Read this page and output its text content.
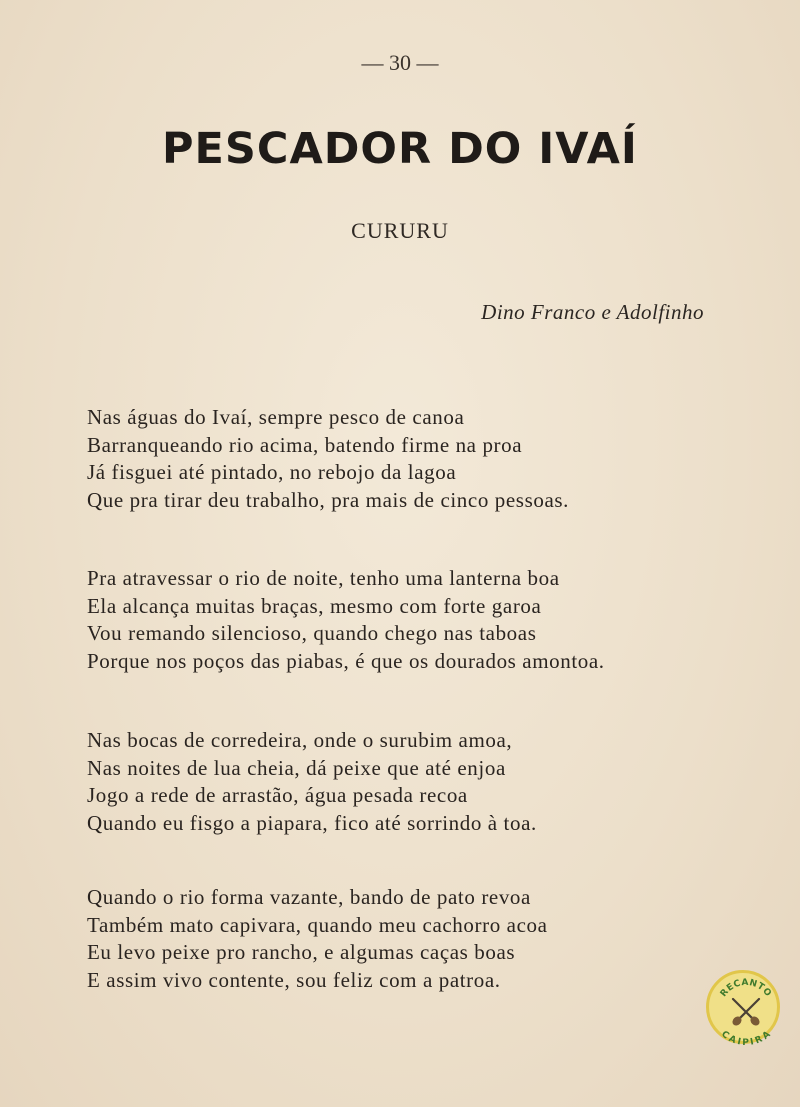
— 30 —
PESCADOR DO IVAÍ
CURURU
Dino Franco e Adolfinho
Nas águas do Ivaí, sempre pesco de canoa
Barranqueando rio acima, batendo firme na proa
Já fisguei até pintado, no rebojo da lagoa
Que pra tirar deu trabalho, pra mais de cinco pessoas.
Pra atravessar o rio de noite, tenho uma lanterna boa
Ela alcança muitas braças, mesmo com forte garoa
Vou remando silencioso, quando chego nas taboas
Porque nos poços das piabas, é que os dourados amontoa.
Nas bocas de corredeira, onde o surubim amoa,
Nas noites de lua cheia, dá peixe que até enjoa
Jogo a rede de arrastão, água pesada recoa
Quando eu fisgo a piapara, fico até sorrindo à toa.
Quando o rio forma vazante, bando de pato revoa
Também mato capivara, quando meu cachorro acoa
Eu levo peixe pro rancho, e algumas caças boas
E assim vivo contente, sou feliz com a patroa.
RECANTO
CAIPIRA
